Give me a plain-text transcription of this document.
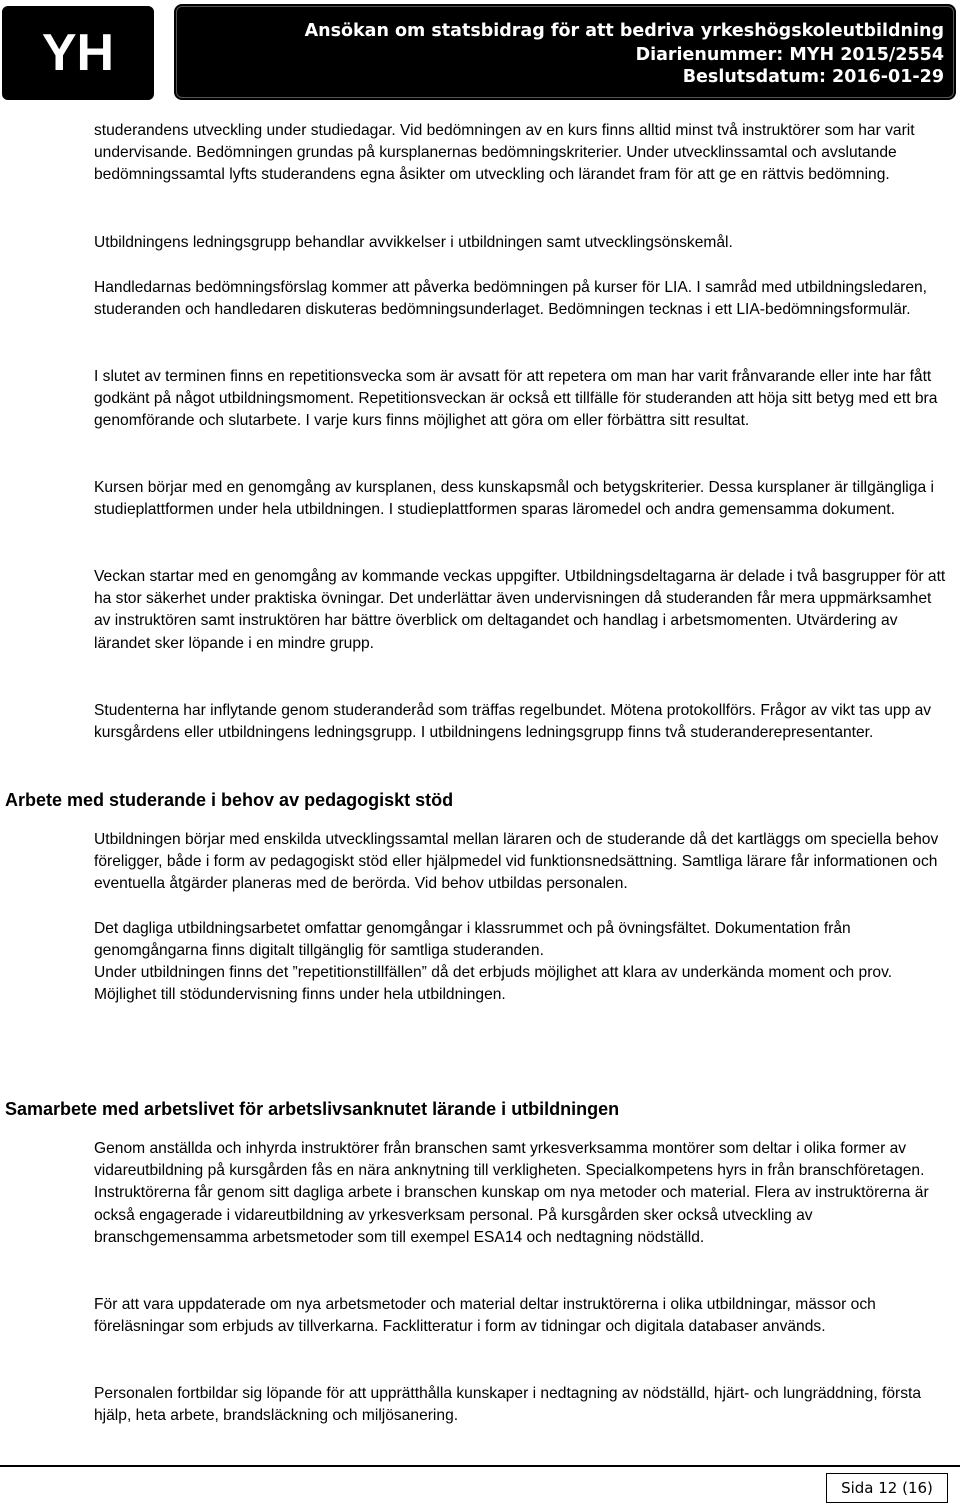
YH	Ansökan om statsbidrag för att bedriva yrkeshögskoleutbildning
Diarienummer: MYH 2015/2554
Beslutsdatum: 2016-01-29

studerandens utveckling under studiedagar. Vid bedömningen av en kurs finns alltid minst två instruktörer som har varit undervisande. Bedömningen grundas på kursplanernas bedömningskriterier. Under utvecklinssamtal och avslutande bedömningssamtal lyfts studerandens egna åsikter om utveckling och lärandet fram för att ge en rättvis bedömning.

Utbildningens ledningsgrupp behandlar avvikkelser i utbildningen samt utvecklingsönskemål.

Handledarnas bedömningsförslag kommer att påverka bedömningen på kurser för LIA. I samråd med utbildningsledaren, studeranden och handledaren diskuteras bedömningsunderlaget. Bedömningen tecknas i ett LIA-bedömningsformulär.

I slutet av terminen finns en repetitionsvecka som är avsatt för att repetera om man har varit frånvarande eller inte har fått godkänt på något utbildningsmoment. Repetitionsveckan är också ett tillfälle för studeranden att höja sitt betyg med ett bra genomförande och slutarbete. I varje kurs finns möjlighet att göra om eller förbättra sitt resultat.

Kursen börjar med en genomgång av kursplanen, dess kunskapsmål och betygskriterier. Dessa kursplaner är tillgängliga i studieplattformen under hela utbildningen. I studieplattformen sparas läromedel och andra gemensamma dokument.

Veckan startar med en genomgång av kommande veckas uppgifter. Utbildningsdeltagarna är delade i två basgrupper för att ha stor säkerhet under praktiska övningar. Det underlättar även undervisningen då studeranden får mera uppmärksamhet av instruktören samt instruktören har bättre överblick om deltagandet och handlag i arbetsmomenten. Utvärdering av lärandet sker löpande i en mindre grupp.

Studenterna har inflytande genom studeranderåd som träffas regelbundet. Mötena protokollförs. Frågor av vikt tas upp av kursgårdens eller utbildningens ledningsgrupp. I utbildningens ledningsgrupp finns två studeranderepresentanter.

Arbete med studerande i behov av pedagogiskt stöd

Utbildningen börjar med enskilda utvecklingssamtal mellan läraren och de studerande då det kartläggs om speciella behov föreligger, både i form av pedagogiskt stöd eller hjälpmedel vid funktionsnedsättning. Samtliga lärare får informationen och eventuella åtgärder planeras med de berörda. Vid behov utbildas personalen.

Det dagliga utbildningsarbetet omfattar genomgångar i klassrummet och på övningsfältet. Dokumentation från genomgångarna finns digitalt tillgänglig för samtliga studeranden.

Under utbildningen finns det ”repetitionstillfällen” då det erbjuds möjlighet att klara av underkända moment och prov. Möjlighet till stödundervisning finns under hela utbildningen.

Samarbete med arbetslivet för arbetslivsanknutet lärande i utbildningen

Genom anställda och inhyrda instruktörer från branschen samt yrkesverksamma montörer som deltar i olika former av vidareutbildning på kursgården fås en nära anknytning till verkligheten. Specialkompetens hyrs in från branschföretagen. Instruktörerna får genom sitt dagliga arbete i branschen kunskap om nya metoder och material. Flera av instruktörerna är också engagerade i vidareutbildning av yrkesverksam personal. På kursgården sker också utveckling av branschgemensamma arbetsmetoder som till exempel ESA14 och nedtagning nödställd.

För att vara uppdaterade om nya arbetsmetoder och material deltar instruktörerna i olika utbildningar, mässor och föreläsningar som erbjuds av tillverkarna. Facklitteratur i form av tidningar och digitala databaser används.

Personalen fortbildar sig löpande för att upprätthålla kunskaper i nedtagning av nödställd, hjärt- och lungräddning, första hjälp, heta arbete, brandsläckning och miljösanering.

Sida 12 (16)
